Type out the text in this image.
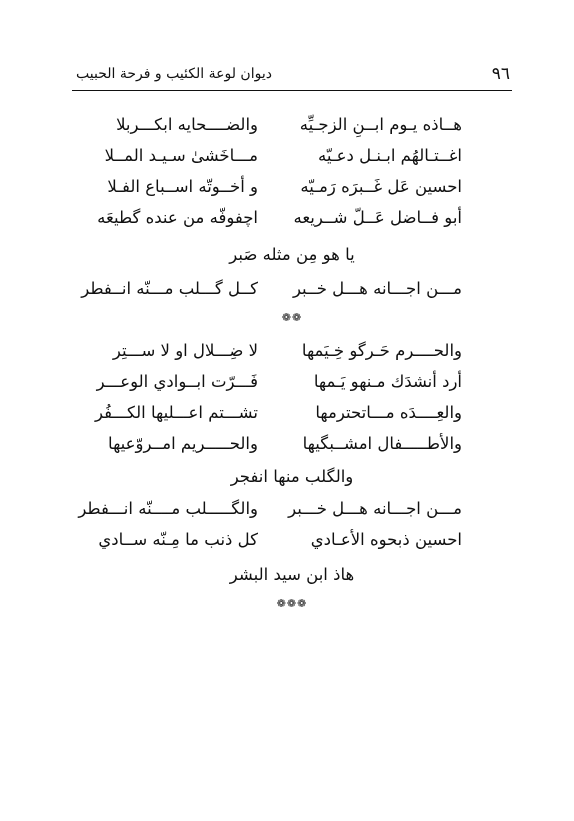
٩٦
ديوان لوعة الكئيب و فرحة الحبيب
هــاذه يـوم ابــنِ الزجـيِّه
والضــــحايه ابكـــربلا
اغــتـالهُم ابـنـل دعـيّه
مـــاخَشىٰ سـيـد المــلا
احسين عَل غَــبرَه رَمـيّه
و أخــوتّه اســباع الفـلا
أبو فــاضل عَــلّ شــريعه
اچفوفّه من عنده گطيعَه
يا هو مِن مثله صَبر
مـــن اجـــانه هـــل خــبر
كــل گـــلب مـــنّه انــفطر
❁❁
والحــــرم حَـرگو خِـيَمها
لا ضِـــلال او لا ســـتِر
أرد أنشدَك مـنهو يَـمها
فَـــرّت ابــوادي الوعـــر
والعِــــدَه مـــاتحترمها
تشـــتم اعـــليها الكـــفُر
والأطـــــفال امشــبگيها
والحـــــريم امــروّعيها
والگلب منها انفجر
مـــن اجـــانه هـــل خـــبر
والگـــــلب مــــنّه انـــفطر
احسين ذبحوه الأعـادي
كل ذنب ما مِـنّه ســادي
هاذ ابن سيد البشر
❁❁❁
